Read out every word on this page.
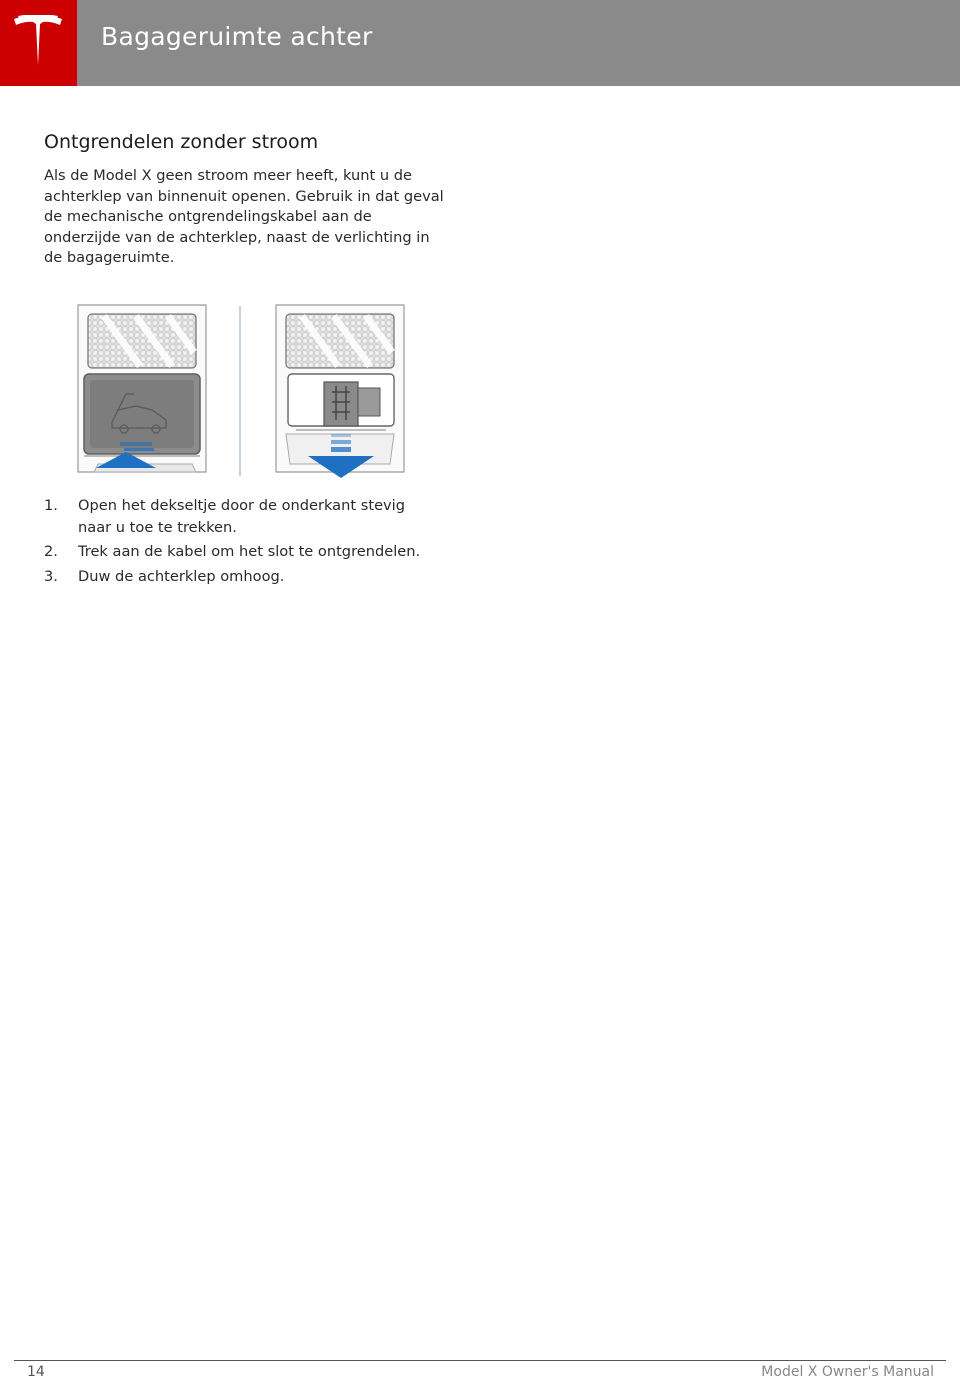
Bagageruimte achter
Ontgrendelen zonder stroom

Als de Model X geen stroom meer heeft, kunt u de achterklep van binnenuit openen. Gebruik in dat geval de mechanische ontgrendelingskabel aan de onderzijde van de achterklep, naast de verlichting in de bagageruimte.

1. Open het dekseltje door de onderkant stevig naar u toe te trekken.
2. Trek aan de kabel om het slot te ontgrendelen.
3. Duw de achterklep omhoog.
14	Model X Owner's Manual
